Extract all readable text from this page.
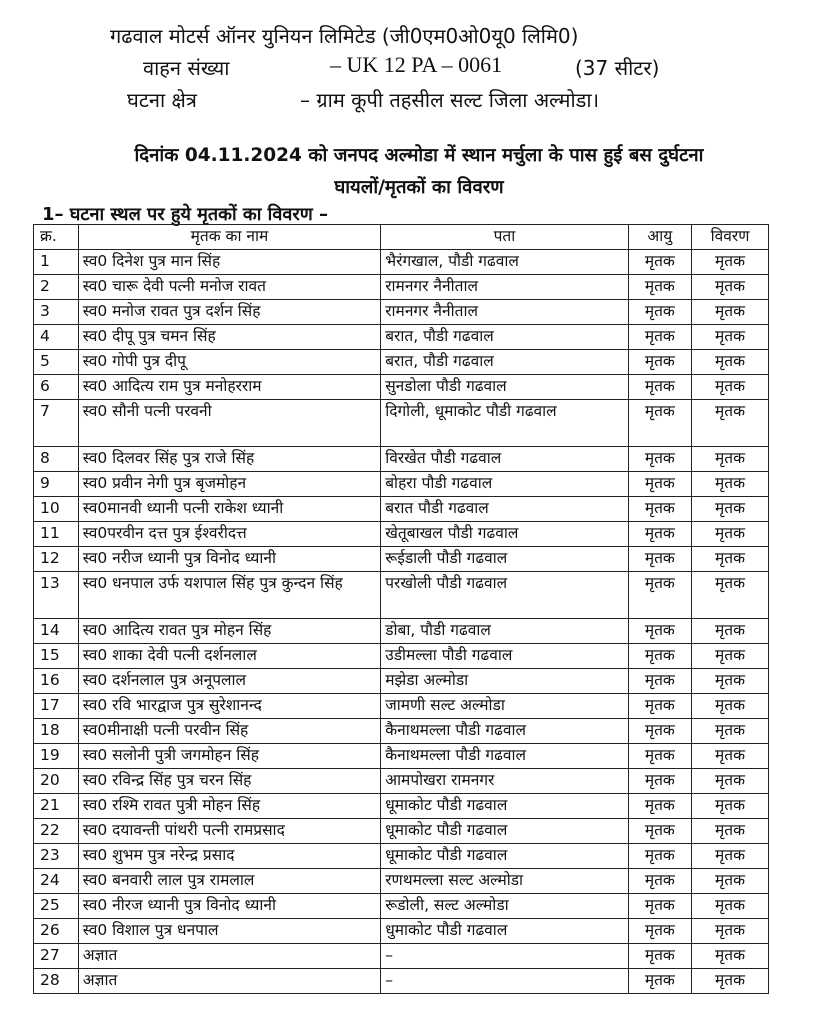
गढवाल मोटर्स ऑनर युनियन लिमिटेड (जी0एम0ओ0यू0 लिमि0)
वाहन संख्या	– UK 12 PA – 0061	(37 सीटर)
घटना क्षेत्र	– ग्राम कूपी तहसील सल्ट जिला अल्मोडा।
दिनांक 04.11.2024 को जनपद अल्मोडा में स्थान मर्चुला के पास हुई बस दुर्घटना
घायलों/मृतकों का विवरण
1– घटना स्थल पर हुये मृतकों का विवरण –
क्र.	मृतक का नाम	पता	आयु	विवरण
1	स्व0 दिनेश पुत्र मान सिंह	भैरंगखाल, पौडी गढवाल	मृतक	मृतक
2	स्व0 चारू देवी पत्नी मनोज रावत	रामनगर नैनीताल	मृतक	मृतक
3	स्व0 मनोज रावत पुत्र दर्शन सिंह	रामनगर नैनीताल	मृतक	मृतक
4	स्व0 दीपू पुत्र चमन सिंह	बरात, पौडी गढवाल	मृतक	मृतक
5	स्व0 गोपी पुत्र दीपू	बरात, पौडी गढवाल	मृतक	मृतक
6	स्व0 आदित्य राम पुत्र मनोहरराम	सुनडोला पौडी गढवाल	मृतक	मृतक
7	स्व0 सौनी पत्नी परवनी	दिगोली, धूमाकोट पौडी गढवाल	मृतक	मृतक
8	स्व0 दिलवर सिंह पुत्र राजे सिंह	विरखेत पौडी गढवाल	मृतक	मृतक
9	स्व0 प्रवीन नेगी पुत्र बृजमोहन	बोहरा पौडी गढवाल	मृतक	मृतक
10	स्व0मानवी ध्यानी पत्नी राकेश ध्यानी	बरात पौडी गढवाल	मृतक	मृतक
11	स्व0परवीन दत्त पुत्र ईश्वरीदत्त	खेतूबाखल पौडी गढवाल	मृतक	मृतक
12	स्व0 नरीज ध्यानी पुत्र विनोद ध्यानी	रूईडाली पौडी गढवाल	मृतक	मृतक
13	स्व0 धनपाल उर्फ यशपाल सिंह पुत्र कुन्दन सिंह	परखोली पौडी गढवाल	मृतक	मृतक
14	स्व0 आदित्य रावत पुत्र मोहन सिंह	डोबा, पौडी गढवाल	मृतक	मृतक
15	स्व0 शाका देवी पत्नी दर्शनलाल	उडीमल्ला पौडी गढवाल	मृतक	मृतक
16	स्व0 दर्शनलाल पुत्र अनूपलाल	मझेडा अल्मोडा	मृतक	मृतक
17	स्व0 रवि भारद्वाज पुत्र सुरेशानन्द	जामणी सल्ट अल्मोडा	मृतक	मृतक
18	स्व0मीनाक्षी पत्नी परवीन सिंह	कैनाथमल्ला पौडी गढवाल	मृतक	मृतक
19	स्व0 सलोनी पुत्री जगमोहन सिंह	कैनाथमल्ला पौडी गढवाल	मृतक	मृतक
20	स्व0 रविन्द्र सिंह पुत्र चरन सिंह	आमपोखरा रामनगर	मृतक	मृतक
21	स्व0 रश्मि रावत पुत्री मोहन सिंह	धूमाकोट पौडी गढवाल	मृतक	मृतक
22	स्व0 दयावन्ती पांथरी पत्नी रामप्रसाद	धूमाकोट पौडी गढवाल	मृतक	मृतक
23	स्व0 शुभम पुत्र नरेन्द्र प्रसाद	धूमाकोट पौडी गढवाल	मृतक	मृतक
24	स्व0 बनवारी लाल पुत्र रामलाल	रणथमल्ला सल्ट अल्मोडा	मृतक	मृतक
25	स्व0 नीरज ध्यानी पुत्र विनोद ध्यानी	रूडोली, सल्ट अल्मोडा	मृतक	मृतक
26	स्व0 विशाल पुत्र धनपाल	धुमाकोट पौडी गढवाल	मृतक	मृतक
27	अज्ञात	–	मृतक	मृतक
28	अज्ञात	–	मृतक	मृतक
